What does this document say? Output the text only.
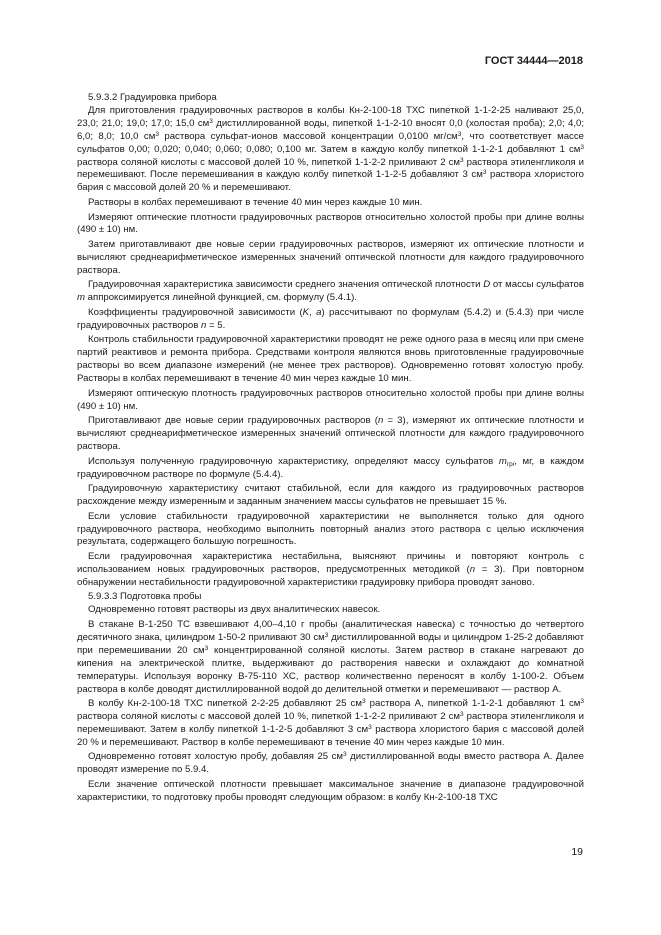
ГОСТ 34444—2018

5.9.3.2 Градуировка прибора

Для приготовления градуировочных растворов в колбы Кн-2-100-18 ТХС пипеткой 1-1-2-25 наливают 25,0, 23,0; 21,0; 19,0; 17,0; 15,0 $см^3$ дистиллированной воды, пипеткой 1-1-2-10 вносят 0,0 (холостая проба); 2,0; 4,0; 6,0; 8,0; 10,0 $см^3$ раствора сульфат-ионов массовой концентрации 0,0100 $мг/см^3$, что соответствует массе сульфатов 0,00; 0,020; 0,040; 0,060; 0,080; 0,100 мг. Затем в каждую колбу пипеткой 1-1-2-1 добавляют 1 $см^3$ раствора соляной кислоты с массовой долей 10 %, пипеткой 1-1-2-2 приливают 2 $см^3$ раствора этиленгликоля и перемешивают. После перемешивания в каждую колбу пипеткой 1-1-2-5 добавляют 3 $см^3$ раствора хлористого бария с массовой долей 20 % и перемешивают.

Растворы в колбах перемешивают в течение 40 мин через каждые 10 мин.

Измеряют оптические плотности градуировочных растворов относительно холостой пробы при длине волны (490 ± 10) нм.

Затем приготавливают две новые серии градуировочных растворов, измеряют их оптические плотности и вычисляют среднеарифметическое измеренных значений оптической плотности для каждого градуировочного раствора.

Градуировочная характеристика зависимости среднего значения оптической плотности D от массы сульфатов m аппроксимируется линейной функцией, см. формулу (5.4.1).

Коэффициенты градуировочной зависимости (K, a) рассчитывают по формулам (5.4.2) и (5.4.3) при числе градуировочных растворов n = 5.

Контроль стабильности градуировочной характеристики проводят не реже одного раза в месяц или при смене партий реактивов и ремонта прибора. Средствами контроля являются вновь приготовленные градуировочные растворы во всем диапазоне измерений (не менее трех растворов). Одновременно готовят холостую пробу. Растворы в колбах перемешивают в течение 40 мин через каждые 10 мин.

Измеряют оптическую плотность градуировочных растворов относительно холостой пробы при длине волны (490 ± 10) нм.

Приготавливают две новые серии градуировочных растворов (n = 3), измеряют их оптические плотности и вычисляют среднеарифметическое измеренных значений оптической плотности для каждого градуировочного раствора.

Используя полученную градуировочную характеристику, определяют массу сульфатов $m_{грi}$, мг, в каждом градуировочном растворе по формуле (5.4.4).

Градуировочную характеристику считают стабильной, если для каждого из градуировочных растворов расхождение между измеренным и заданным значением массы сульфатов не превышает 15 %.

Если условие стабильности градуировочной характеристики не выполняется только для одного градуировочного раствора, необходимо выполнить повторный анализ этого раствора с целью исключения результата, содержащего большую погрешность.

Если градуировочная характеристика нестабильна, выясняют причины и повторяют контроль с использованием новых градуировочных растворов, предусмотренных методикой (n = 3). При повторном обнаружении нестабильности градуировочной характеристики градуировку прибора проводят заново.

5.9.3.3 Подготовка пробы

Одновременно готовят растворы из двух аналитических навесок.

В стакане В-1-250 ТС взвешивают 4,00–4,10 г пробы (аналитическая навеска) с точностью до четвертого десятичного знака, цилиндром 1-50-2 приливают 30 $см^3$ дистиллированной воды и цилиндром 1-25-2 добавляют при перемешивании 20 $см^3$ концентрированной соляной кислоты. Затем раствор в стакане нагревают до кипения на электрической плитке, выдерживают до растворения навески и охлаждают до комнатной температуры. Используя воронку В-75-110 ХС, раствор количественно переносят в колбу 1-100-2. Объем раствора в колбе доводят дистиллированной водой до делительной отметки и перемешивают — раствор А.

В колбу Кн-2-100-18 ТХС пипеткой 2-2-25 добавляют 25 $см^3$ раствора А, пипеткой 1-1-2-1 добавляют 1 $см^3$ раствора соляной кислоты с массовой долей 10 %, пипеткой 1-1-2-2 приливают 2 $см^3$ раствора этиленгликоля и перемешивают. Затем в колбу пипеткой 1-1-2-5 добавляют 3 $см^3$ раствора хлористого бария с массовой долей 20 % и перемешивают. Раствор в колбе перемешивают в течение 40 мин через каждые 10 мин.

Одновременно готовят холостую пробу, добавляя 25 $см^3$ дистиллированной воды вместо раствора А. Далее проводят измерение по 5.9.4.

Если значение оптической плотности превышает максимальное значение в диапазоне градуировочной характеристики, то подготовку пробы проводят следующим образом: в колбу Кн-2-100-18 ТХС

19
